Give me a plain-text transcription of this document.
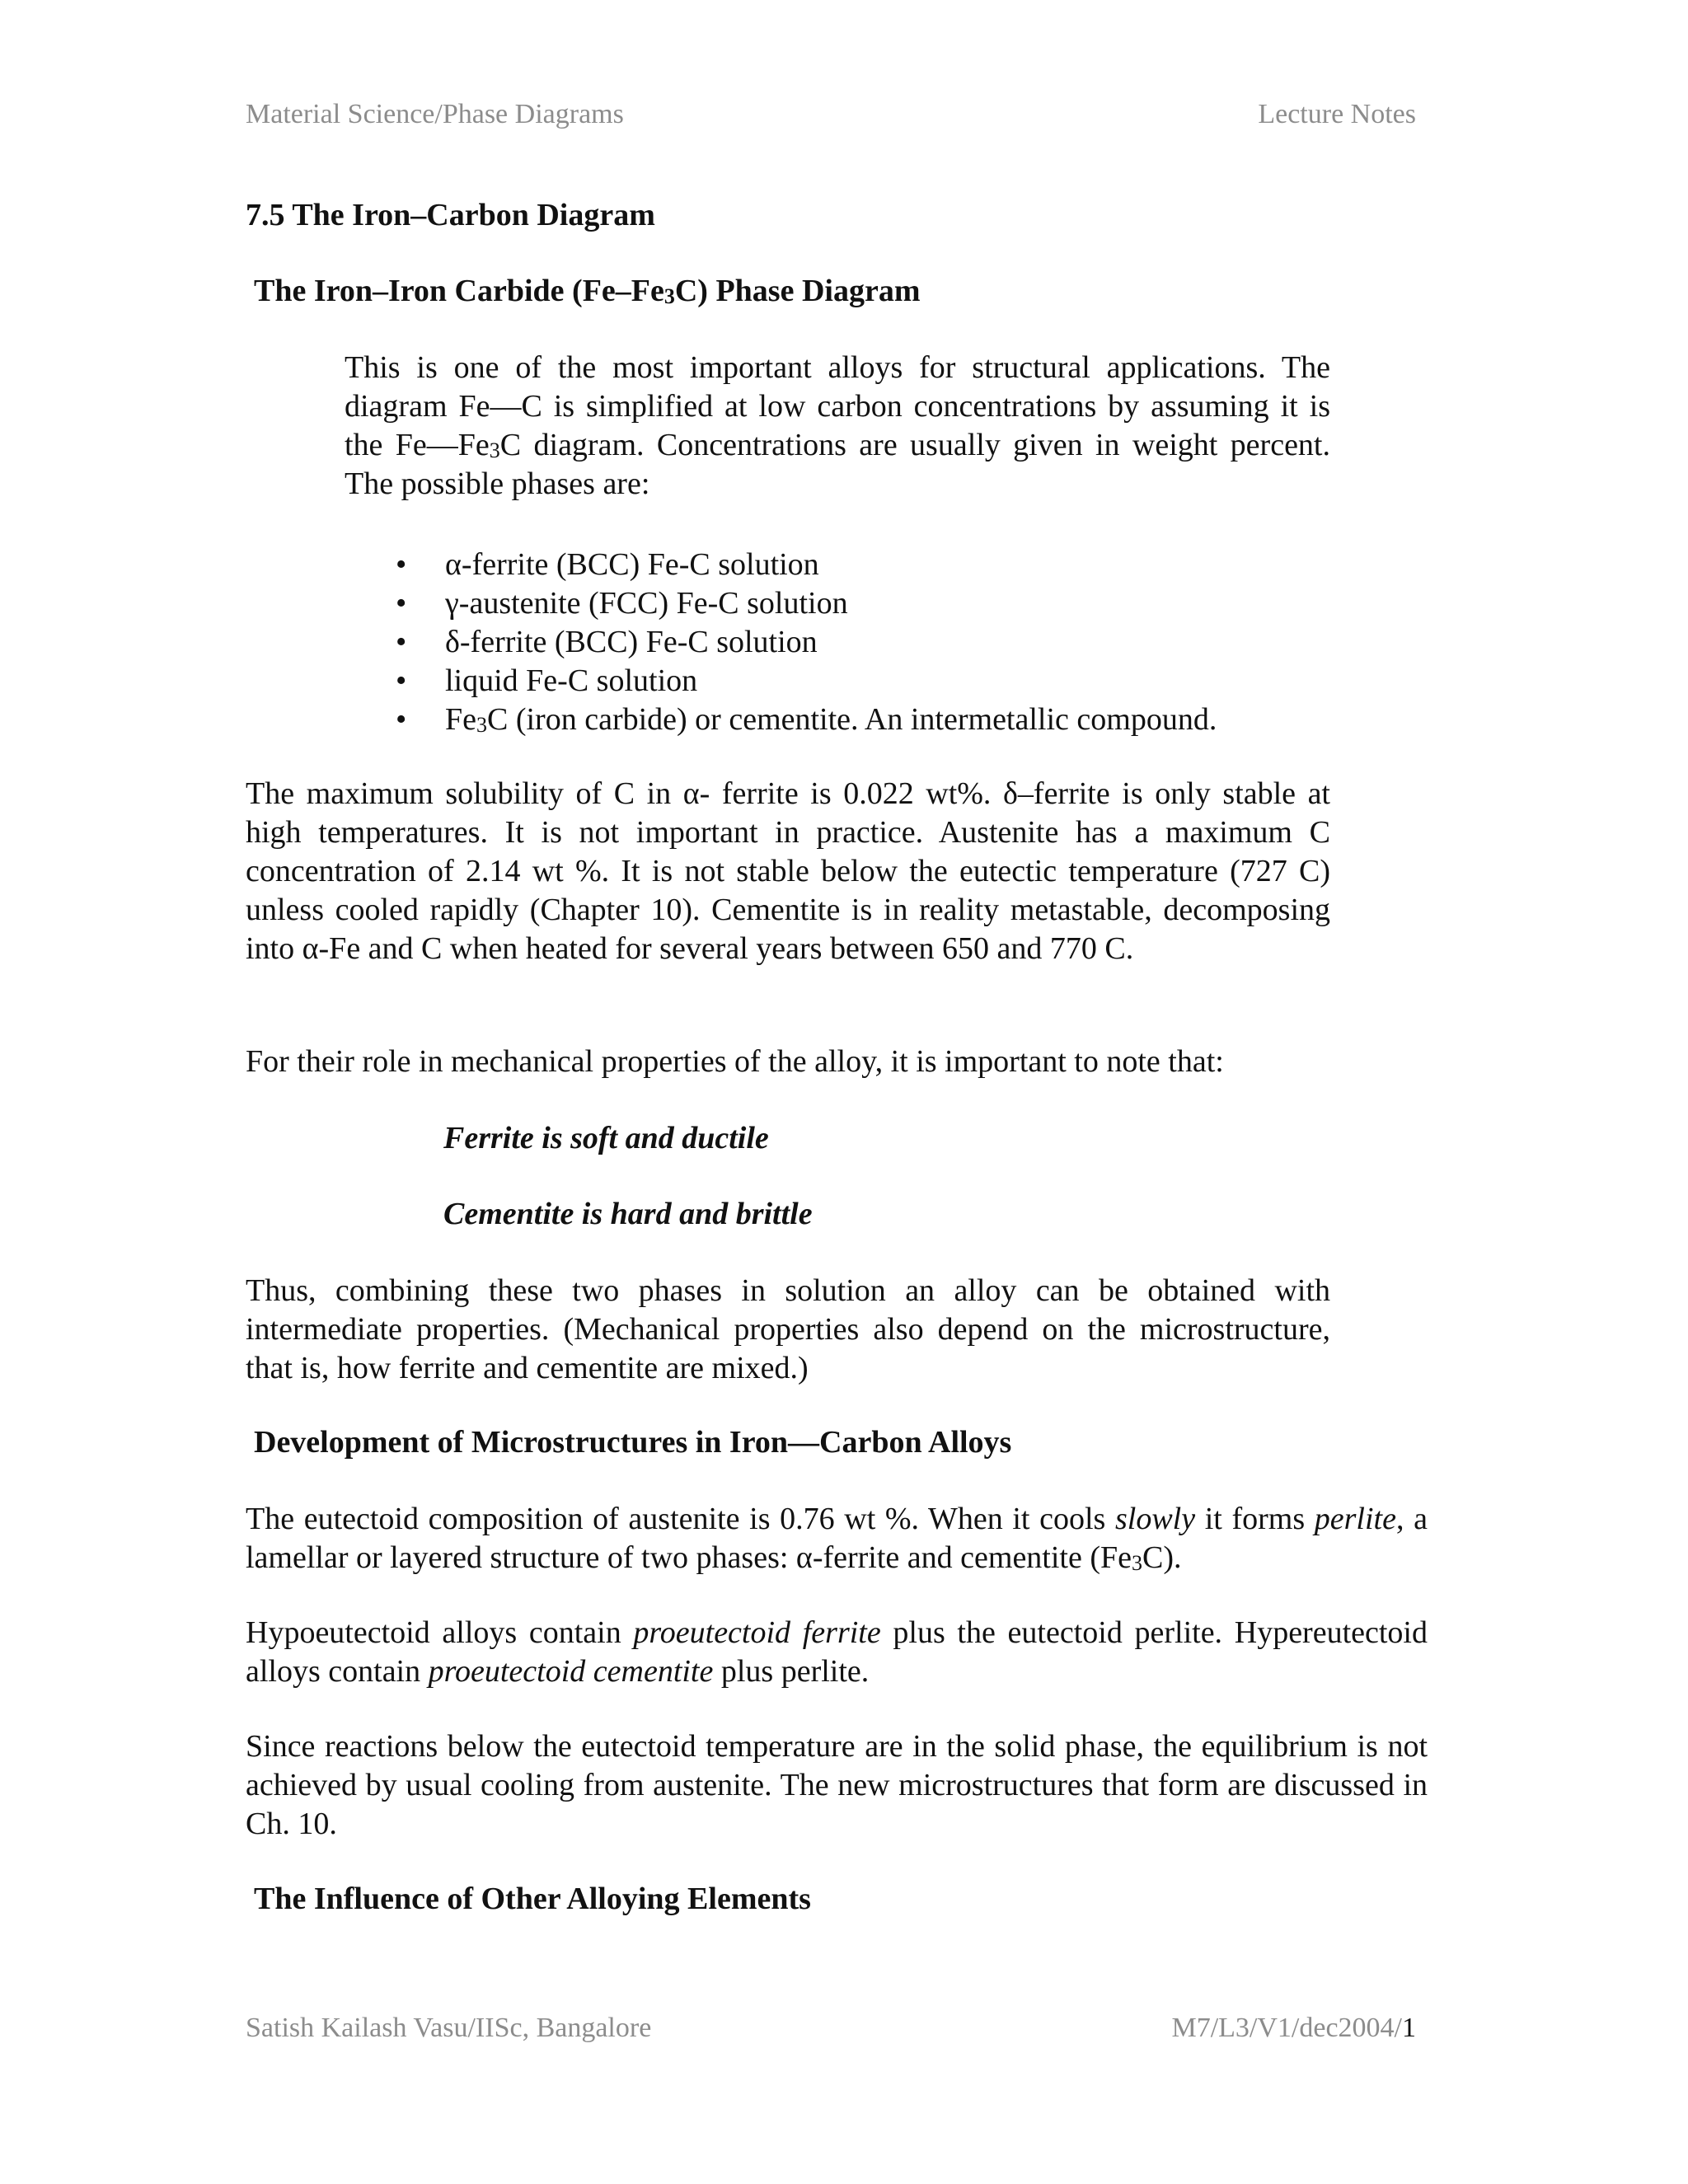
Material Science/Phase Diagrams	Lecture Notes
7.5 The Iron–Carbon Diagram
The Iron–Iron Carbide $(Fe-Fe_3C)$ Phase Diagram

This is one of the most important alloys for structural applications. The diagram Fe—C is simplified at low carbon concentrations by assuming it is the $Fe—Fe_3C$ diagram. Concentrations are usually given in weight percent. The possible phases are:

• α-ferrite (BCC) Fe-C solution
• γ-austenite (FCC) Fe-C solution
• δ-ferrite (BCC) Fe-C solution
• liquid Fe-C solution
• $Fe_3C$ (iron carbide) or cementite. An intermetallic compound.

The maximum solubility of C in α- ferrite is 0.022 wt%. δ–ferrite is only stable at high temperatures. It is not important in practice. Austenite has a maximum C concentration of 2.14 wt %. It is not stable below the eutectic temperature (727 C) unless cooled rapidly (Chapter 10). Cementite is in reality metastable, decomposing into α-Fe and C when heated for several years between 650 and 770 C.

For their role in mechanical properties of the alloy, it is important to note that:

Ferrite is soft and ductile

Cementite is hard and brittle

Thus, combining these two phases in solution an alloy can be obtained with intermediate properties. (Mechanical properties also depend on the microstructure, that is, how ferrite and cementite are mixed.)

Development of Microstructures in Iron—Carbon Alloys

The eutectoid composition of austenite is 0.76 wt %. When it cools slowly it forms perlite, a lamellar or layered structure of two phases: α-ferrite and cementite $(Fe_3C)$.

Hypoeutectoid alloys contain proeutectoid ferrite plus the eutectoid perlite. Hypereutectoid alloys contain proeutectoid cementite plus perlite.

Since reactions below the eutectoid temperature are in the solid phase, the equilibrium is not achieved by usual cooling from austenite. The new microstructures that form are discussed in Ch. 10.

The Influence of Other Alloying Elements
Satish Kailash Vasu/IISc, Bangalore	M7/L3/V1/dec2004/1
